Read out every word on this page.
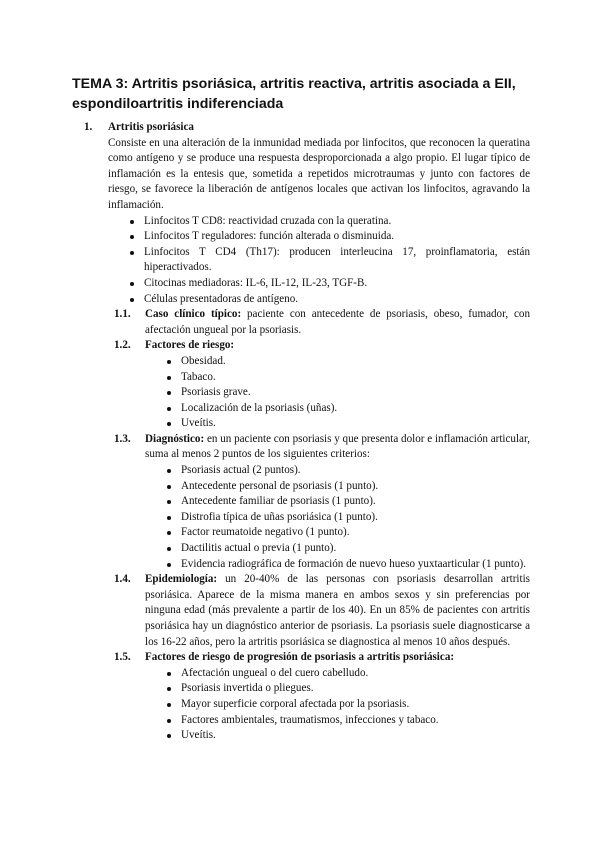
TEMA 3: Artritis psoriásica, artritis reactiva, artritis asociada a EII, espondiloartritis indiferenciada
1. Artritis psoriásica
Consiste en una alteración de la inmunidad mediada por linfocitos, que reconocen la queratina como antígeno y se produce una respuesta desproporcionada a algo propio. El lugar típico de inflamación es la entesis que, sometida a repetidos microtraumas y junto con factores de riesgo, se favorece la liberación de antígenos locales que activan los linfocitos, agravando la inflamación.
Linfocitos T CD8: reactividad cruzada con la queratina.
Linfocitos T reguladores: función alterada o disminuida.
Linfocitos T CD4 (Th17): producen interleucina 17, proinflamatoria, están hiperactivados.
Citocinas mediadoras: IL-6, IL-12, IL-23, TGF-B.
Células presentadoras de antígeno.
1.1. Caso clínico típico: paciente con antecedente de psoriasis, obeso, fumador, con afectación ungueal por la psoriasis.
1.2. Factores de riesgo:
Obesidad.
Tabaco.
Psoriasis grave.
Localización de la psoriasis (uñas).
Uveítis.
1.3. Diagnóstico: en un paciente con psoriasis y que presenta dolor e inflamación articular, suma al menos 2 puntos de los siguientes criterios:
Psoriasis actual (2 puntos).
Antecedente personal de psoriasis (1 punto).
Antecedente familiar de psoriasis (1 punto).
Distrofia típica de uñas psoriásica (1 punto).
Factor reumatoide negativo (1 punto).
Dactilitis actual o previa (1 punto).
Evidencia radiográfica de formación de nuevo hueso yuxtaarticular (1 punto).
1.4. Epidemiología: un 20-40% de las personas con psoriasis desarrollan artritis psoriásica. Aparece de la misma manera en ambos sexos y sin preferencias por ninguna edad (más prevalente a partir de los 40). En un 85% de pacientes con artritis psoriásica hay un diagnóstico anterior de psoriasis. La psoriasis suele diagnosticarse a los 16-22 años, pero la artritis psoriásica se diagnostica al menos 10 años después.
1.5. Factores de riesgo de progresión de psoriasis a artritis psoriásica:
Afectación ungueal o del cuero cabelludo.
Psoriasis invertida o pliegues.
Mayor superficie corporal afectada por la psoriasis.
Factores ambientales, traumatismos, infecciones y tabaco.
Uveítis.
